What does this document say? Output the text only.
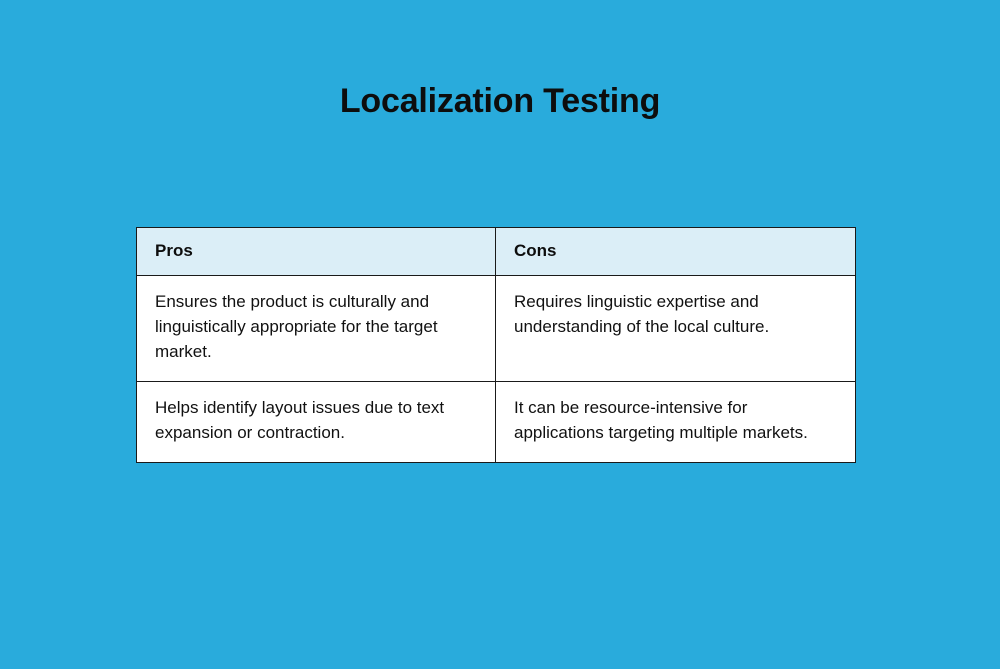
Localization Testing
Pros	Cons
Ensures the product is culturally and linguistically appropriate for the target market.	Requires linguistic expertise and understanding of the local culture.
Helps identify layout issues due to text expansion or contraction.	It can be resource-intensive for applications targeting multiple markets.
